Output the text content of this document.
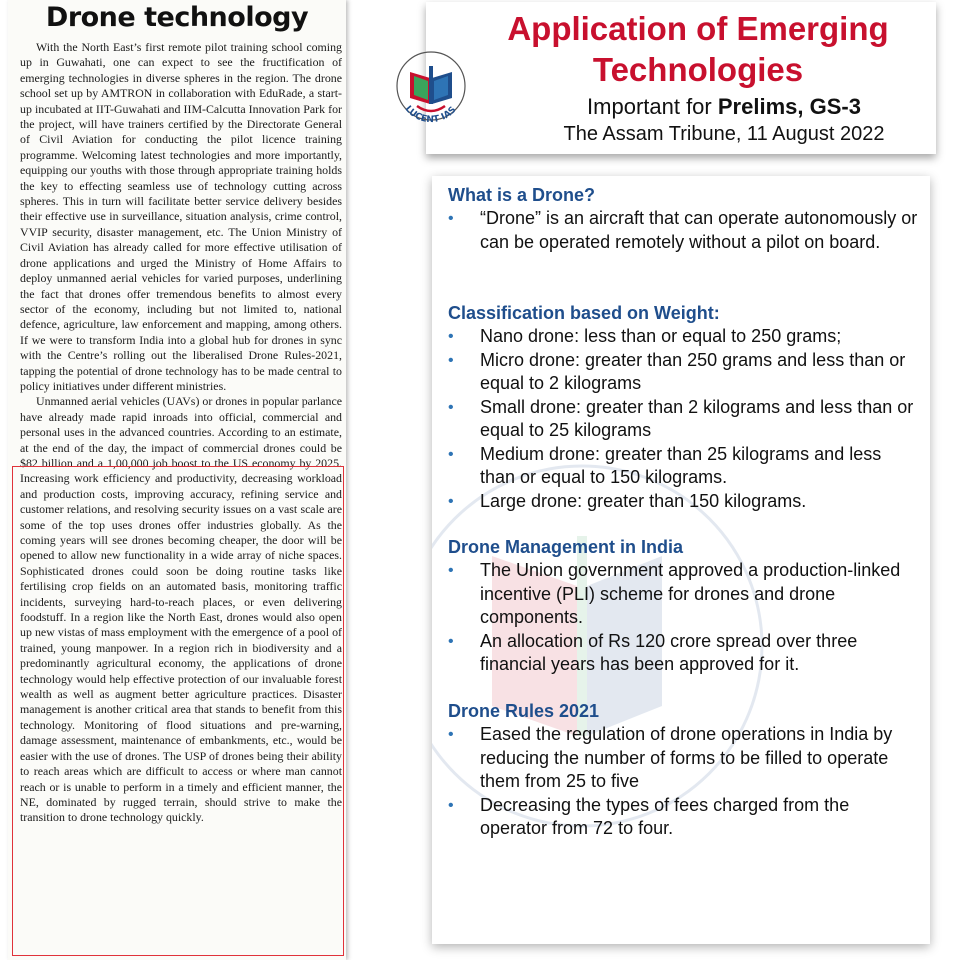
Drone technology

With the North East’s first remote pilot training school coming up in Guwahati, one can expect to see the fructification of emerging technologies in diverse spheres in the region. The drone school set up by AMTRON in collaboration with EduRade, a start-up incubated at IIT-Guwahati and IIM-Calcutta Innovation Park for the project, will have trainers certified by the Directorate General of Civil Aviation for conducting the pilot licence training programme. Welcoming latest technologies and more importantly, equipping our youths with those through appropriate training holds the key to effecting seamless use of technology cutting across spheres. This in turn will facilitate better service delivery besides their effective use in surveillance, situation analysis, crime control, VVIP security, disaster management, etc. The Union Ministry of Civil Aviation has already called for more effective utilisation of drone applications and urged the Ministry of Home Affairs to deploy unmanned aerial vehicles for varied purposes, underlining the fact that drones offer tremendous benefits to almost every sector of the economy, including but not limited to, national defence, agriculture, law enforcement and mapping, among others. If we were to transform India into a global hub for drones in sync with the Centre’s rolling out the liberalised Drone Rules-2021, tapping the potential of drone technology has to be made central to policy initiatives under different ministries.

Unmanned aerial vehicles (UAVs) or drones in popular parlance have already made rapid inroads into official, commercial and personal uses in the advanced countries. According to an estimate, at the end of the day, the impact of commercial drones could be $82 billion and a 1,00,000 job boost to the US economy by 2025. Increasing work efficiency and productivity, decreasing workload and production costs, improving accuracy, refining service and customer relations, and resolving security issues on a vast scale are some of the top uses drones offer industries globally. As the coming years will see drones becoming cheaper, the door will be opened to allow new functionality in a wide array of niche spaces. Sophisticated drones could soon be doing routine tasks like fertilising crop fields on an automated basis, monitoring traffic incidents, surveying hard-to-reach places, or even delivering foodstuff. In a region like the North East, drones would also open up new vistas of mass employment with the emergence of a pool of trained, young manpower. In a region rich in biodiversity and a predominantly agricultural economy, the applications of drone technology would help effective protection of our invaluable forest wealth as well as augment better agriculture practices. Disaster management is another critical area that stands to benefit from this technology. Monitoring of flood situations and pre-warning, damage assessment, maintenance of embankments, etc., would be easier with the use of drones. The USP of drones being their ability to reach areas which are difficult to access or where man cannot reach or is unable to perform in a timely and efficient manner, the NE, dominated by rugged terrain, should strive to make the transition to drone technology quickly.

LUCENT IAS
Application of Emerging Technologies
Important for Prelims, GS-3
The Assam Tribune, 11 August 2022
What is a Drone?
• “Drone” is an aircraft that can operate autonomously or can be operated remotely without a pilot on board.
Classification based on Weight:
• Nano drone: less than or equal to 250 grams;
• Micro drone: greater than 250 grams and less than or equal to 2 kilograms
• Small drone: greater than 2 kilograms and less than or equal to 25 kilograms
• Medium drone: greater than 25 kilograms and less than or equal to 150 kilograms.
• Large drone: greater than 150 kilograms.
Drone Management in India
• The Union government approved a production-linked incentive (PLI) scheme for drones and drone components.
• An allocation of Rs 120 crore spread over three financial years has been approved for it.
Drone Rules 2021
• Eased the regulation of drone operations in India by reducing the number of forms to be filled to operate them from 25 to five
• Decreasing the types of fees charged from the operator from 72 to four.
